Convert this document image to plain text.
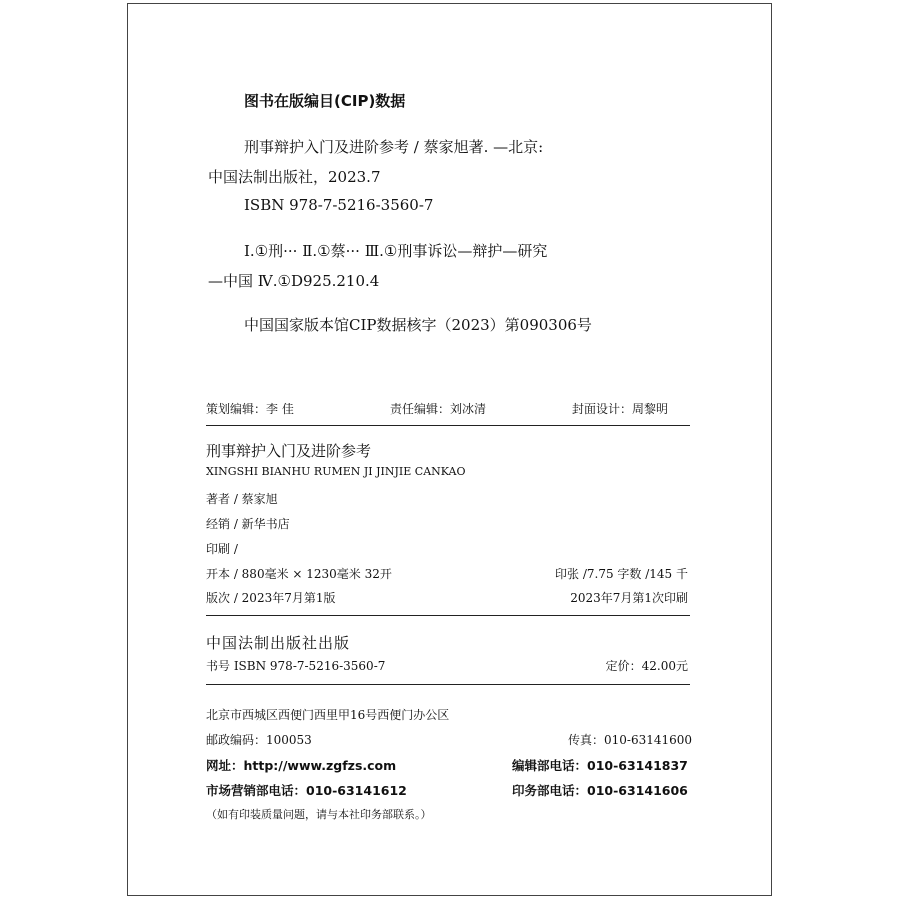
图书在版编目(CIP)数据
刑事辩护入门及进阶参考 / 蔡家旭著. —北京:
中国法制出版社，2023.7
ISBN 978-7-5216-3560-7
Ⅰ.①刑··· Ⅱ.①蔡··· Ⅲ.①刑事诉讼—辩护—研究
—中国 Ⅳ.①D925.210.4
中国国家版本馆CIP数据核字（2023）第090306号
策划编辑：李 佳	责任编辑：刘冰清	封面设计：周黎明
刑事辩护入门及进阶参考
XINGSHI BIANHU RUMEN JI JINJIE CANKAO
著者 / 蔡家旭
经销 / 新华书店
印刷 /
开本 / 880毫米 × 1230毫米 32开	印张 /7.75 字数 /145 千
版次 / 2023年7月第1版	2023年7月第1次印刷
中国法制出版社出版
书号 ISBN 978-7-5216-3560-7	定价：42.00元
北京市西城区西便门西里甲16号西便门办公区
邮政编码：100053	传真：010-63141600
网址：http://www.zgfzs.com	编辑部电话：010-63141837
市场营销部电话：010-63141612	印务部电话：010-63141606
（如有印装质量问题，请与本社印务部联系。）
